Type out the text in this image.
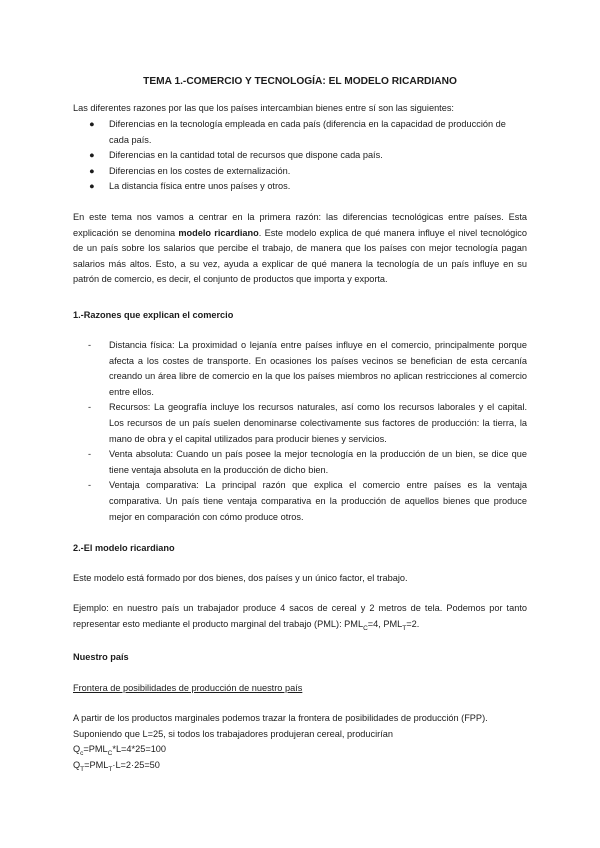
TEMA 1.-COMERCIO Y TECNOLOGÍA: EL MODELO RICARDIANO
Las diferentes razones por las que los países intercambian bienes entre sí son las siguientes:
● Diferencias en la tecnología empleada en cada país (diferencia en la capacidad de producción de cada país.
● Diferencias en la cantidad total de recursos que dispone cada país.
● Diferencias en los costes de externalización.
● La distancia física entre unos países y otros.
En este tema nos vamos a centrar en la primera razón: las diferencias tecnológicas entre países. Esta explicación se denomina modelo ricardiano. Este modelo explica de qué manera influye el nivel tecnológico de un país sobre los salarios que percibe el trabajo, de manera que los países con mejor tecnología pagan salarios más altos. Esto, a su vez, ayuda a explicar de qué manera la tecnología de un país influye en su patrón de comercio, es decir, el conjunto de productos que importa y exporta.
1.-Razones que explican el comercio
- Distancia física: La proximidad o lejanía entre países influye en el comercio, principalmente porque afecta a los costes de transporte. En ocasiones los países vecinos se benefician de esta cercanía creando un área libre de comercio en la que los países miembros no aplican restricciones al comercio entre ellos.
- Recursos: La geografía incluye los recursos naturales, así como los recursos laborales y el capital. Los recursos de un país suelen denominarse colectivamente sus factores de producción: la tierra, la mano de obra y el capital utilizados para producir bienes y servicios.
- Venta absoluta: Cuando un país posee la mejor tecnología en la producción de un bien, se dice que tiene ventaja absoluta en la producción de dicho bien.
- Ventaja comparativa: La principal razón que explica el comercio entre países es la ventaja comparativa. Un país tiene ventaja comparativa en la producción de aquellos bienes que produce mejor en comparación con cómo produce otros.
2.-El modelo ricardiano
Este modelo está formado por dos bienes, dos países y un único factor, el trabajo.
Ejemplo: en nuestro país un trabajador produce 4 sacos de cereal y 2 metros de tela. Podemos por tanto representar esto mediante el producto marginal del trabajo (PML): $PML_C=4$, $PML_T=2$.
Nuestro país
Frontera de posibilidades de producción de nuestro país
A partir de los productos marginales podemos trazar la frontera de posibilidades de producción (FPP).
Suponiendo que L=25, si todos los trabajadores produjeran cereal, producirían
$Q_c=PML_C*L=4*25=100$
$Q_T=PML_T\cdot L=2\cdot 25=50$
